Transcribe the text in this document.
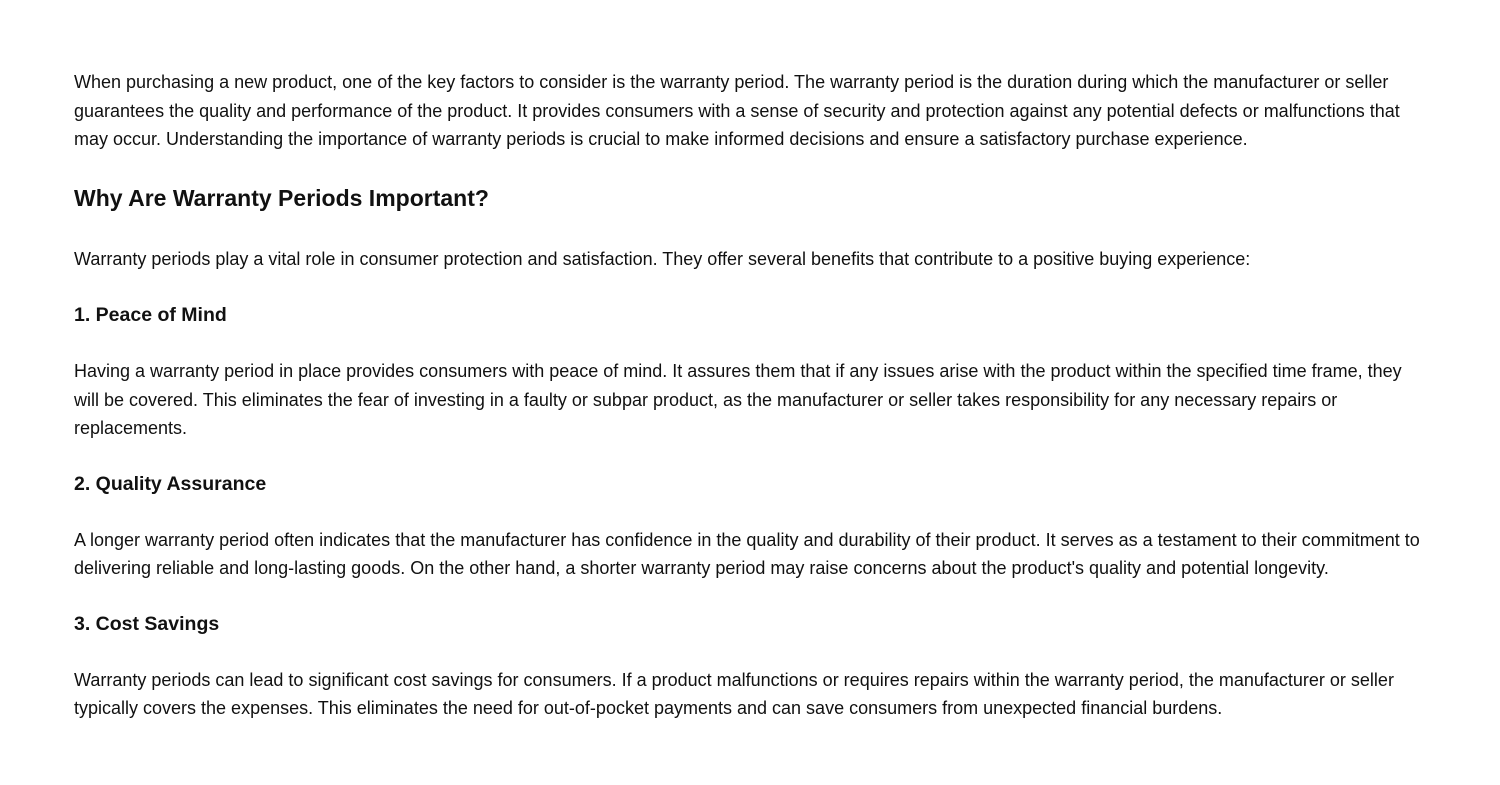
When purchasing a new product, one of the key factors to consider is the warranty period. The warranty period is the duration during which the manufacturer or seller guarantees the quality and performance of the product. It provides consumers with a sense of security and protection against any potential defects or malfunctions that may occur. Understanding the importance of warranty periods is crucial to make informed decisions and ensure a satisfactory purchase experience.

Why Are Warranty Periods Important?

Warranty periods play a vital role in consumer protection and satisfaction. They offer several benefits that contribute to a positive buying experience:

1. Peace of Mind

Having a warranty period in place provides consumers with peace of mind. It assures them that if any issues arise with the product within the specified time frame, they will be covered. This eliminates the fear of investing in a faulty or subpar product, as the manufacturer or seller takes responsibility for any necessary repairs or replacements.

2. Quality Assurance

A longer warranty period often indicates that the manufacturer has confidence in the quality and durability of their product. It serves as a testament to their commitment to delivering reliable and long-lasting goods. On the other hand, a shorter warranty period may raise concerns about the product's quality and potential longevity.

3. Cost Savings

Warranty periods can lead to significant cost savings for consumers. If a product malfunctions or requires repairs within the warranty period, the manufacturer or seller typically covers the expenses. This eliminates the need for out-of-pocket payments and can save consumers from unexpected financial burdens.
